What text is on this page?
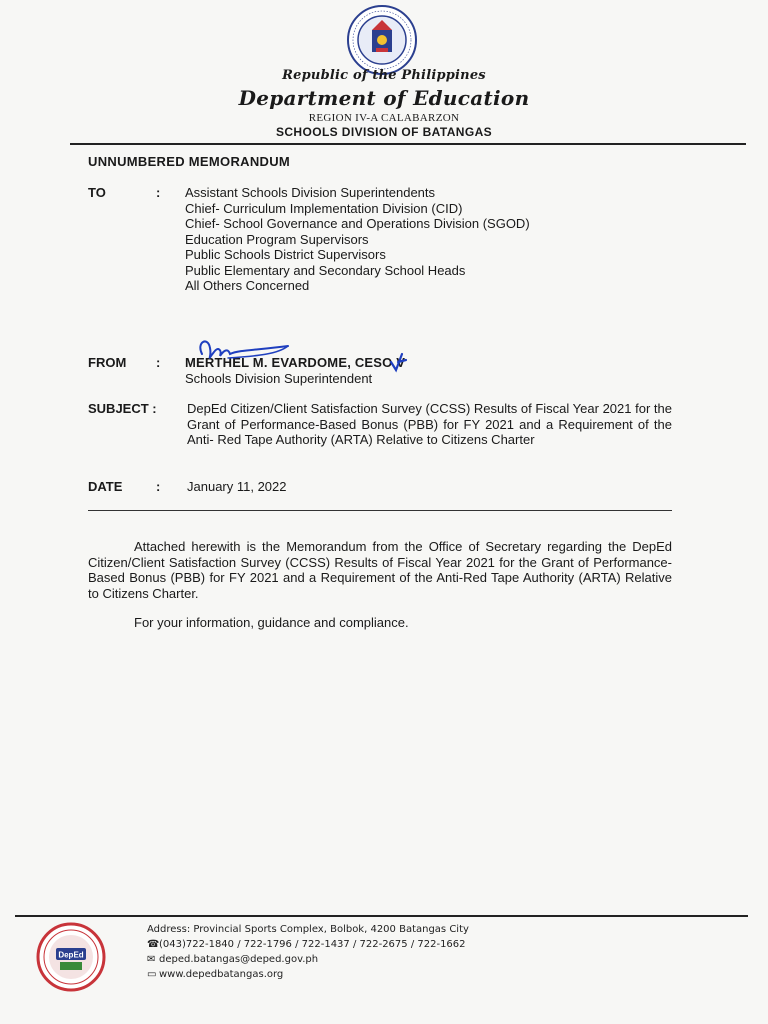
Republic of the Philippines
Department of Education
REGION IV-A CALABARZON
SCHOOLS DIVISION OF BATANGAS
UNNUMBERED MEMORANDUM
TO	: Assistant Schools Division Superintendents
Chief- Curriculum Implementation Division (CID)
Chief- School Governance and Operations Division (SGOD)
Education Program Supervisors
Public Schools District Supervisors
Public Elementary and Secondary School Heads
All Others Concerned
FROM : MERTHEL M. EVARDOME, CESO V
Schools Division Superintendent
SUBJECT : DepEd Citizen/Client Satisfaction Survey (CCSS) Results of Fiscal Year 2021 for the Grant of Performance-Based Bonus (PBB) for FY 2021 and a Requirement of the Anti- Red Tape Authority (ARTA) Relative to Citizens Charter
DATE	: January 11, 2022
Attached herewith is the Memorandum from the Office of Secretary regarding the DepEd Citizen/Client Satisfaction Survey (CCSS) Results of Fiscal Year 2021 for the Grant of Performance-Based Bonus (PBB) for FY 2021 and a Requirement of the Anti-Red Tape Authority (ARTA) Relative to Citizens Charter.
For your information, guidance and compliance.
DepEd
Address: Provincial Sports Complex, Bolbok, 4200 Batangas City
☎(043)722-1840 / 722-1796 / 722-1437 / 722-2675 / 722-1662
✉ deped.batangas@deped.gov.ph
▭ www.depedbatangas.org
